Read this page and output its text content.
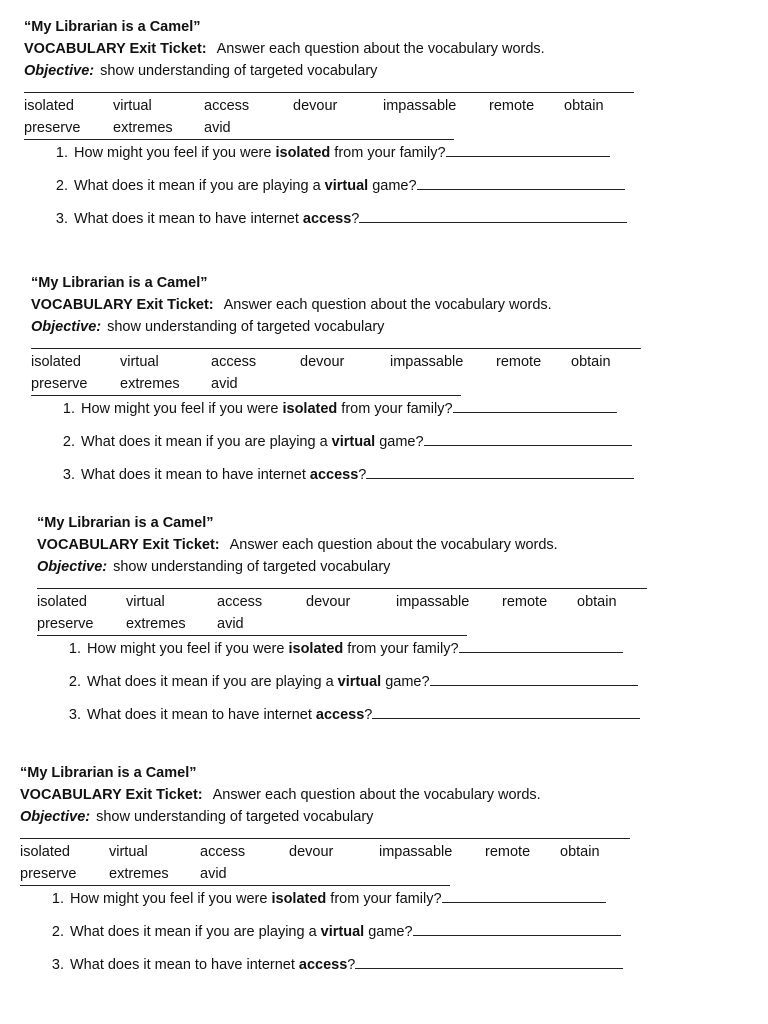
“My Librarian is a Camel”
VOCABULARY Exit Ticket: Answer each question about the vocabulary words.
Objective: show understanding of targeted vocabulary
isolated	virtual	access	devour	impassable remote obtain
preserve extremes avid
1. How might you feel if you were isolated from your family?
2. What does it mean if you are playing a virtual game?
3. What does it mean to have internet access?
“My Librarian is a Camel”
VOCABULARY Exit Ticket: Answer each question about the vocabulary words.
Objective: show understanding of targeted vocabulary
isolated	virtual	access	devour	impassable remote obtain
preserve extremes avid
1. How might you feel if you were isolated from your family?
2. What does it mean if you are playing a virtual game?
3. What does it mean to have internet access?
“My Librarian is a Camel”
VOCABULARY Exit Ticket: Answer each question about the vocabulary words.
Objective: show understanding of targeted vocabulary
isolated	virtual	access	devour	impassable remote obtain
preserve extremes avid
1. How might you feel if you were isolated from your family?
2. What does it mean if you are playing a virtual game?
3. What does it mean to have internet access?
“My Librarian is a Camel”
VOCABULARY Exit Ticket: Answer each question about the vocabulary words.
Objective: show understanding of targeted vocabulary
isolated	virtual	access	devour	impassable remote obtain
preserve extremes avid
1. How might you feel if you were isolated from your family?
2. What does it mean if you are playing a virtual game?
3. What does it mean to have internet access?
